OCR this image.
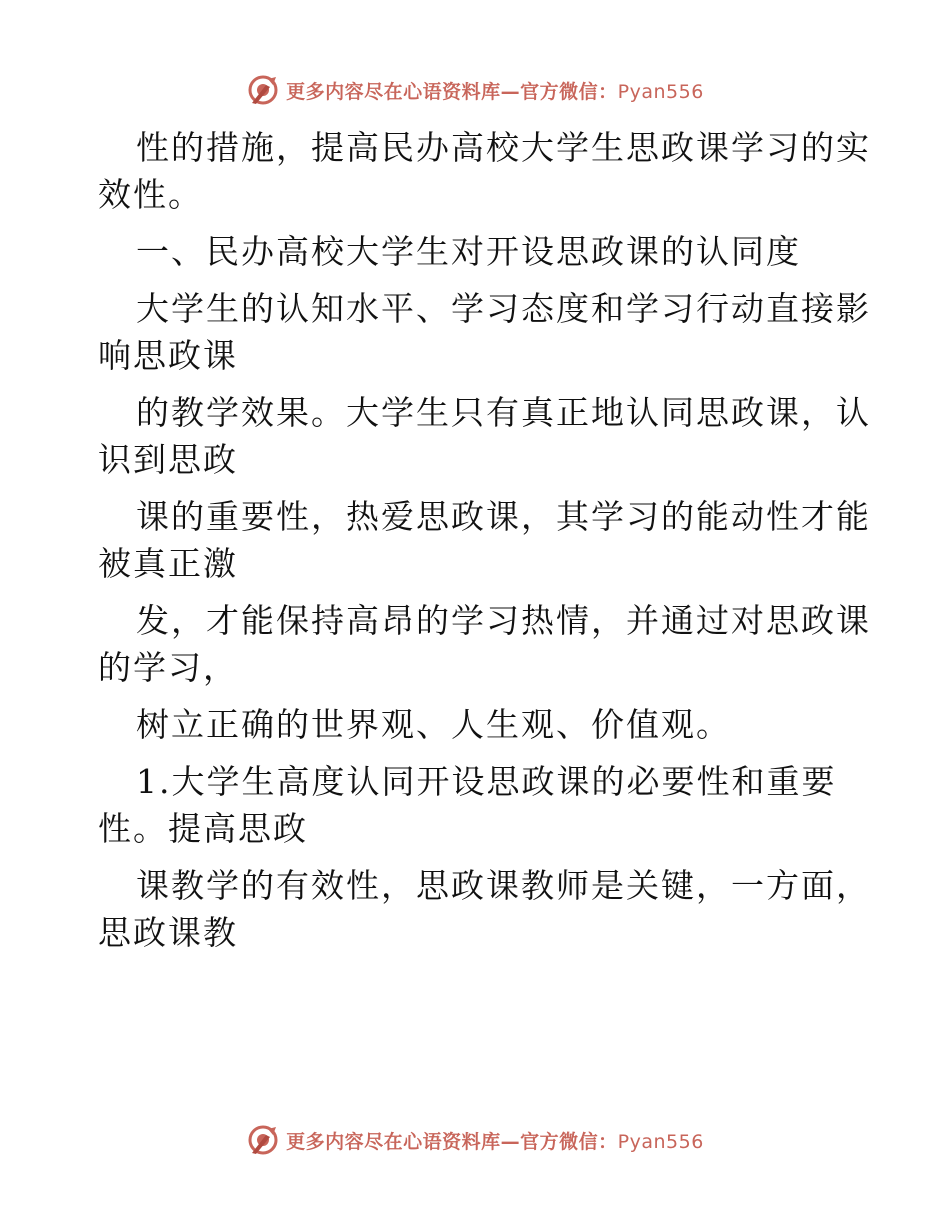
更多内容尽在心语资料库—官方微信：Pyan556
性的措施，提高民办高校大学生思政课学习的实
效性。
一、民办高校大学生对开设思政课的认同度
大学生的认知水平、学习态度和学习行动直接影
响思政课
的教学效果。大学生只有真正地认同思政课，认
识到思政
课的重要性，热爱思政课，其学习的能动性才能
被真正激
发，才能保持高昂的学习热情，并通过对思政课
的学习，
树立正确的世界观、人生观、价值观。
1.大学生高度认同开设思政课的必要性和重要
性。提高思政
课教学的有效性，思政课教师是关键，一方面，
思政课教
更多内容尽在心语资料库—官方微信：Pyan556
